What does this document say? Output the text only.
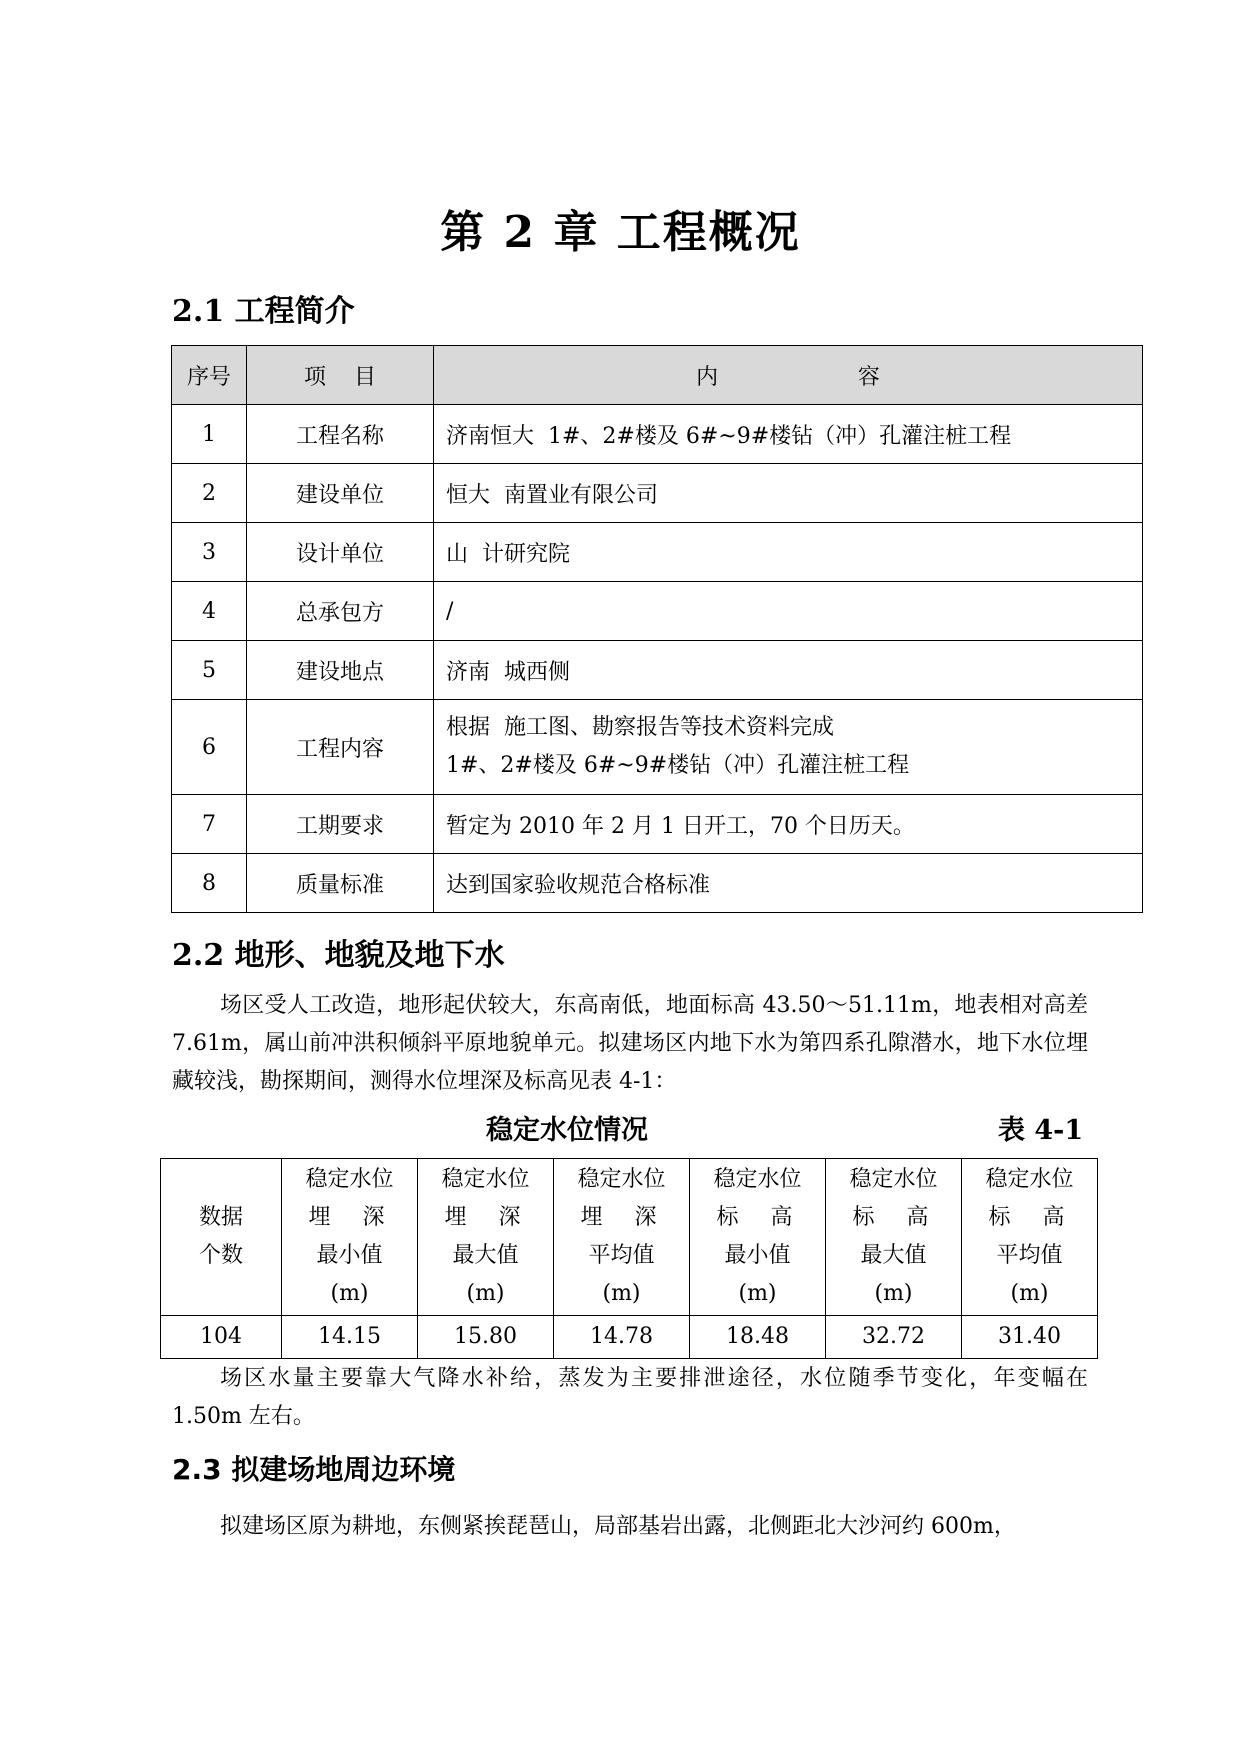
第 2 章 工程概况
2.1 工程简介
序号	项    目	内                    容
1	工程名称	济南恒大  1#、2#楼及 6#~9#楼钻（冲）孔灌注桩工程
2	建设单位	恒大  南置业有限公司
3	设计单位	山  计研究院
4	总承包方	/
5	建设地点	济南  城西侧
6	工程内容	根据  施工图、勘察报告等技术资料完成
1#、2#楼及 6#~9#楼钻（冲）孔灌注桩工程

7	工期要求	暂定为 2010 年 2 月 1 日开工，70 个日历天。
8	质量标准	达到国家验收规范合格标准
2.2 地形、地貌及地下水
场区受人工改造，地形起伏较大，东高南低，地面标高 43.50～51.11m，地表相对高差 7.61m，属山前冲洪积倾斜平原地貌单元。拟建场区内地下水为第四系孔隙潜水，地下水位埋藏较浅，勘探期间，测得水位埋深及标高见表 4-1：
稳定水位情况	表 4-1
数据
个数	稳定水位
埋  深
最小值
(m)	稳定水位
埋  深
最大值
(m)	稳定水位
埋  深
平均值
(m)	稳定水位
标  高
最小值
(m)	稳定水位
标  高
最大值
(m)	稳定水位
标  高
平均值
(m)

104	14.15	15.80	14.78	18.48	32.72	31.40
场区水量主要靠大气降水补给，蒸发为主要排泄途径，水位随季节变化，年变幅在 1.50m 左右。
2.3 拟建场地周边环境
拟建场区原为耕地，东侧紧挨琵琶山，局部基岩出露，北侧距北大沙河约 600m，
